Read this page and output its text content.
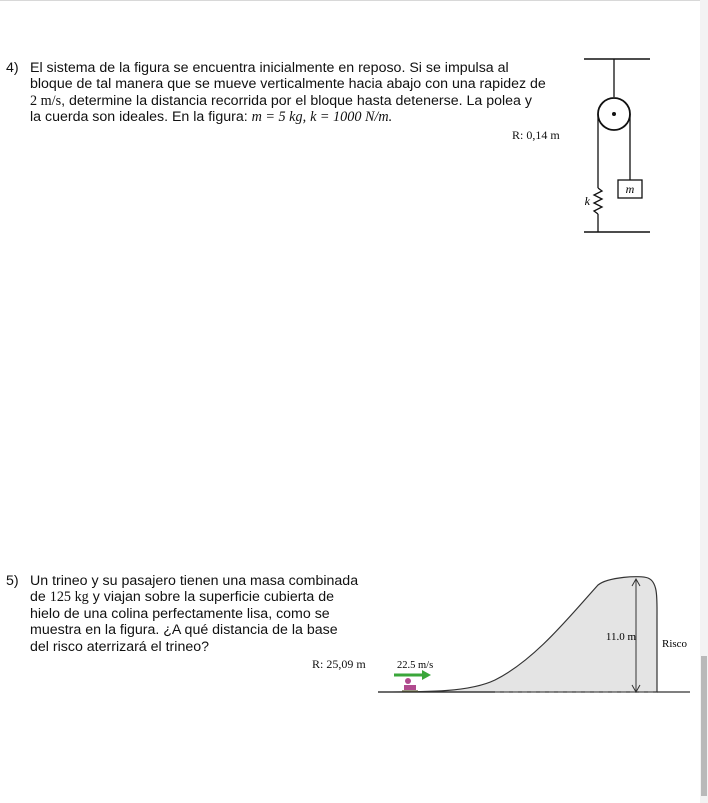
4) El sistema de la figura se encuentra inicialmente en reposo. Si se impulsa al
bloque de tal manera que se mueve verticalmente hacia abajo con una rapidez de
2 m/s, determine la distancia recorrida por el bloque hasta detenerse. La polea y
la cuerda son ideales. En la figura: m = 5 kg, k = 1000 N/m.
R: 0,14 m
m
k
5) Un trineo y su pasajero tienen una masa combinada
de 125 kg y viajan sobre la superficie cubierta de
hielo de una colina perfectamente lisa, como se
muestra en la figura. ¿A qué distancia de la base
del risco aterrizará el trineo?
R: 25,09 m
11.0 m
Risco
22.5 m/s
